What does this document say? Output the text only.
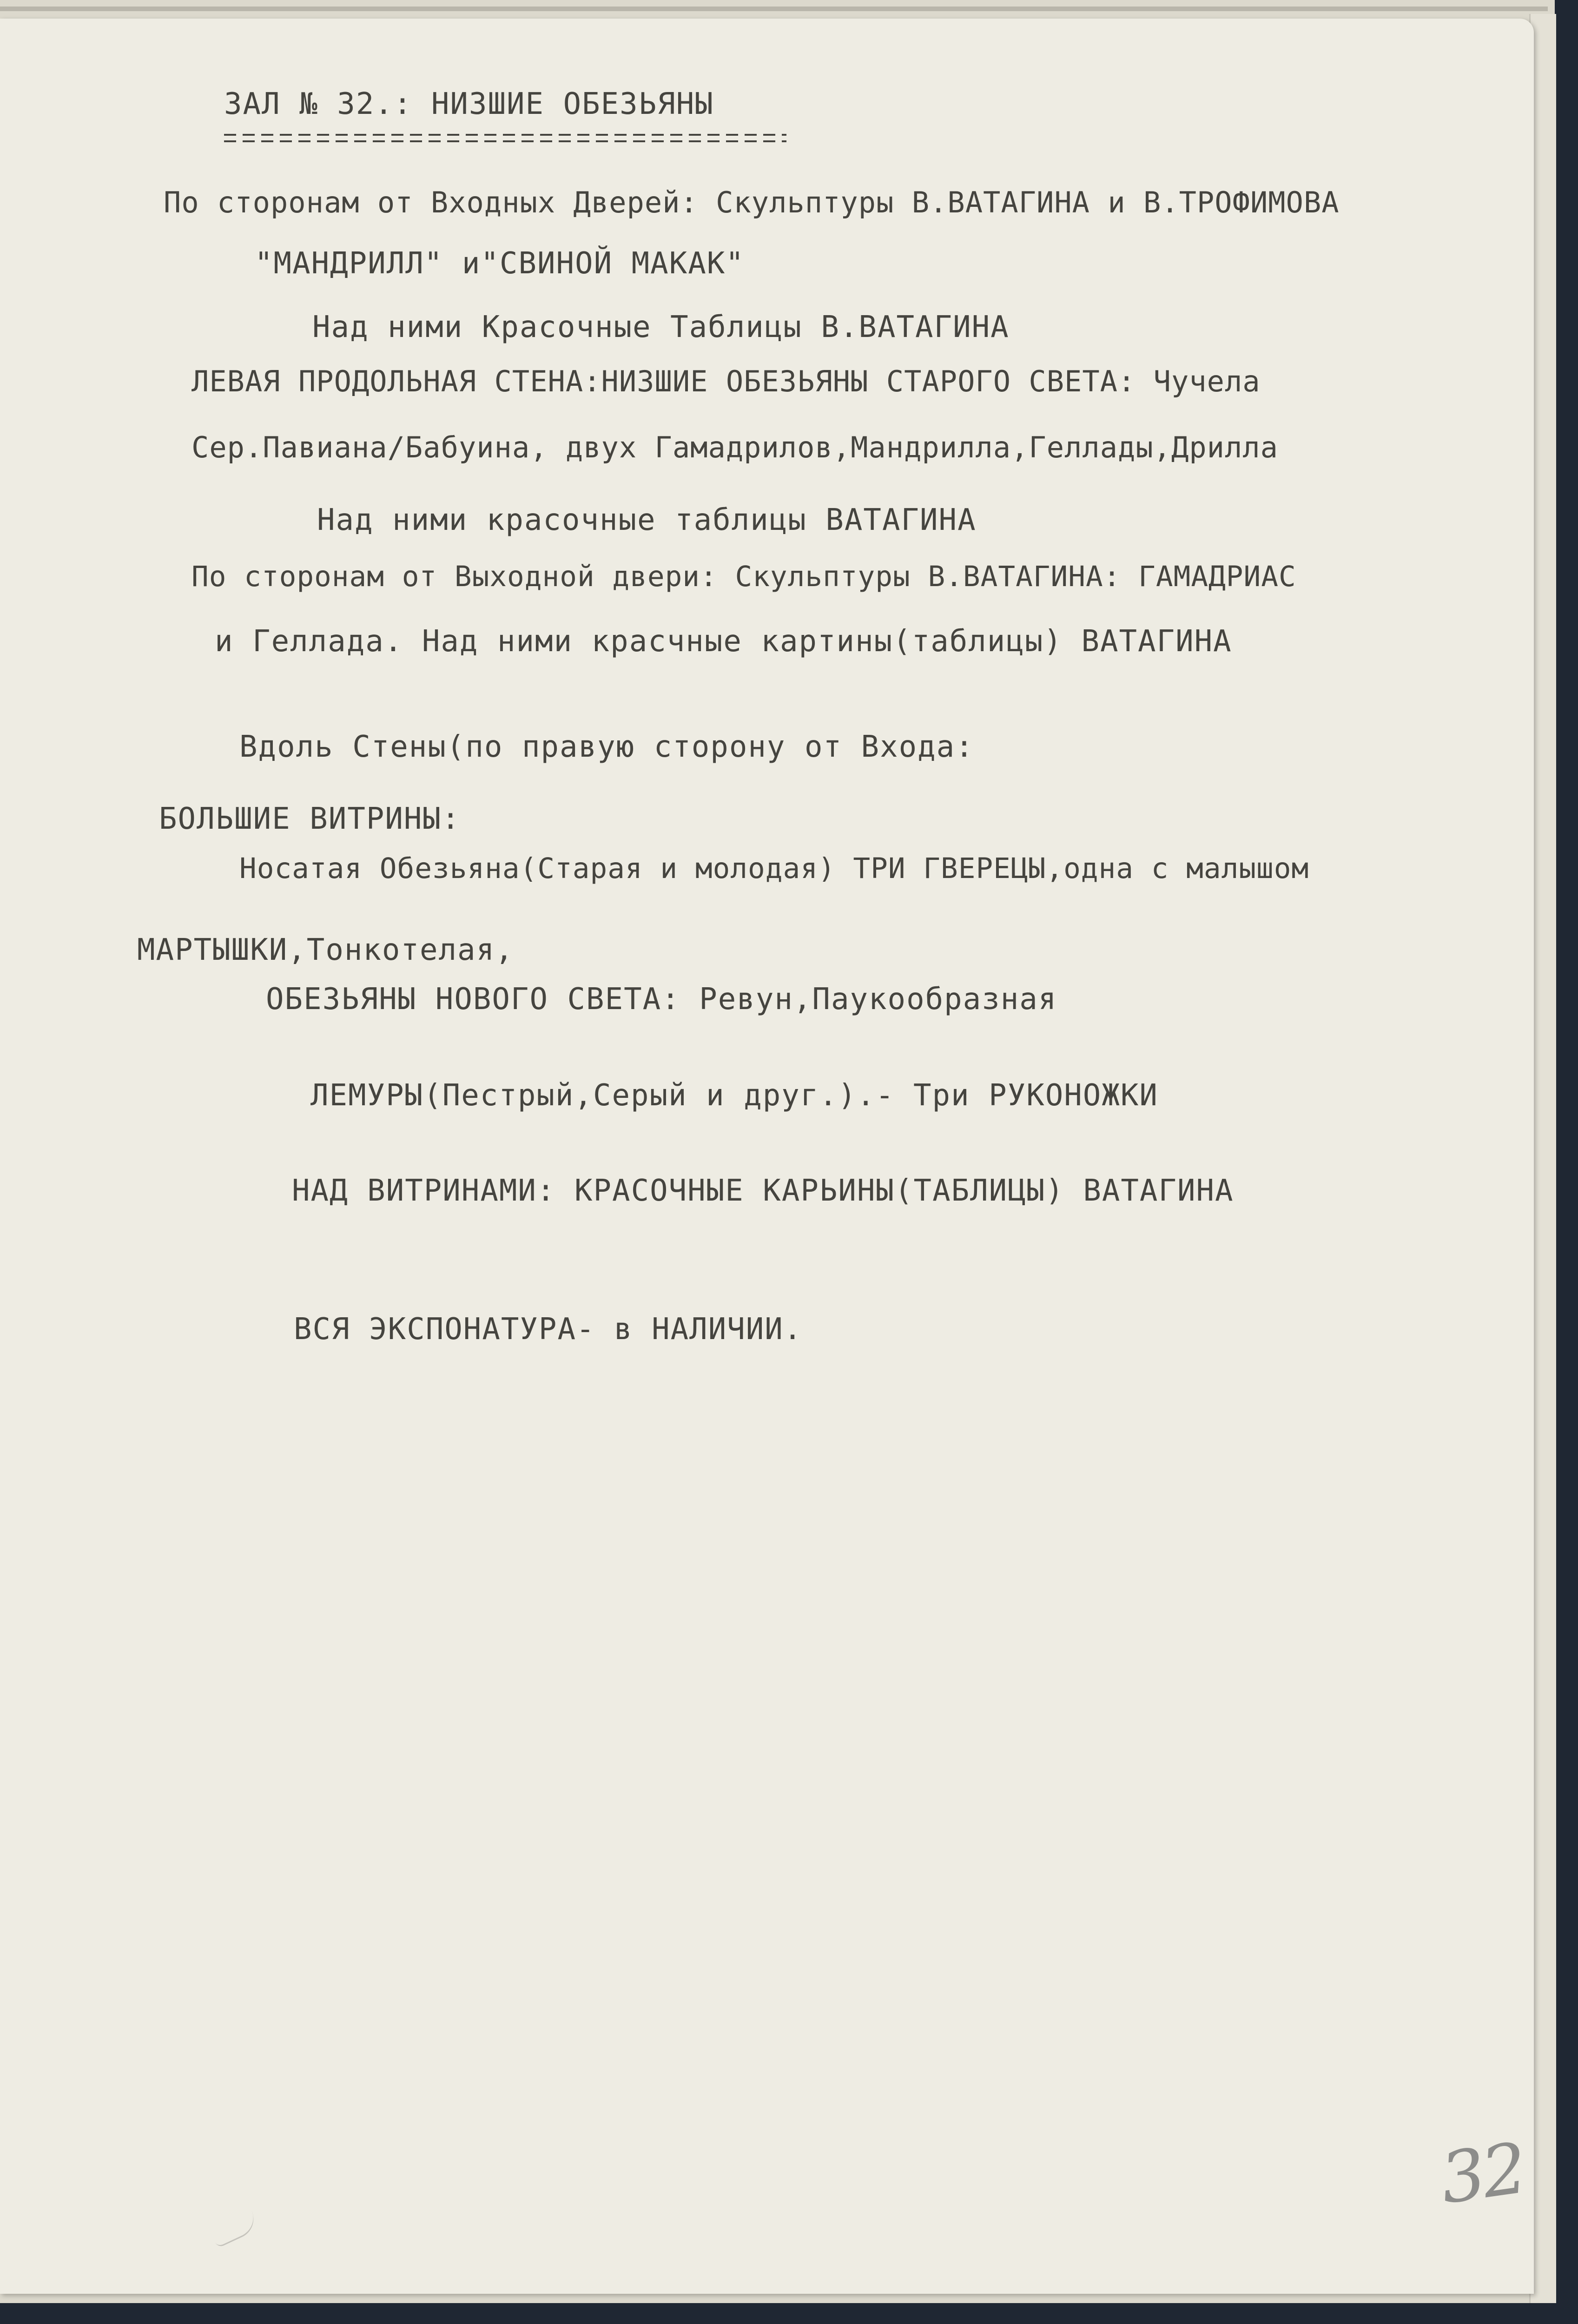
ЗАЛ № 32.: НИЗШИЕ ОБЕЗЬЯНЫ
По сторонам от Входных Дверей: Скульптуры В.ВАТАГИНА и В.ТРОФИМОВА
"МАНДРИЛЛ" и"СВИНОЙ МАКАК"
Над ними Красочные Таблицы В.ВАТАГИНА
ЛЕВАЯ ПРОДОЛЬНАЯ СТЕНА:НИЗШИЕ ОБЕЗЬЯНЫ СТАРОГО СВЕТА: Чучела
Сер.Павиана/Бабуина, двух Гамадрилов,Мандрилла,Геллады,Дрилла
Над ними красочные таблицы ВАТАГИНА
По сторонам от Выходной двери: Скульптуры В.ВАТАГИНА: ГАМАДРИАС
и Геллада. Над ними красчные картины(таблицы) ВАТАГИНА
Вдоль Стены(по правую сторону от Входа:
БОЛЬШИЕ ВИТРИНЫ:
Носатая Обезьяна(Старая и молодая) ТРИ ГВЕРЕЦЫ,одна с малышом
МАРТЫШКИ,Тонкотелая,
ОБЕЗЬЯНЫ НОВОГО СВЕТА: Ревун,Паукообразная
ЛЕМУРЫ(Пестрый,Серый и друг.).- Три РУКОНОЖКИ
НАД ВИТРИНАМИ: КРАСОЧНЫЕ КАРЬИНЫ(ТАБЛИЦЫ) ВАТАГИНА
ВСЯ ЭКСПОНАТУРА- в НАЛИЧИИ.
32
